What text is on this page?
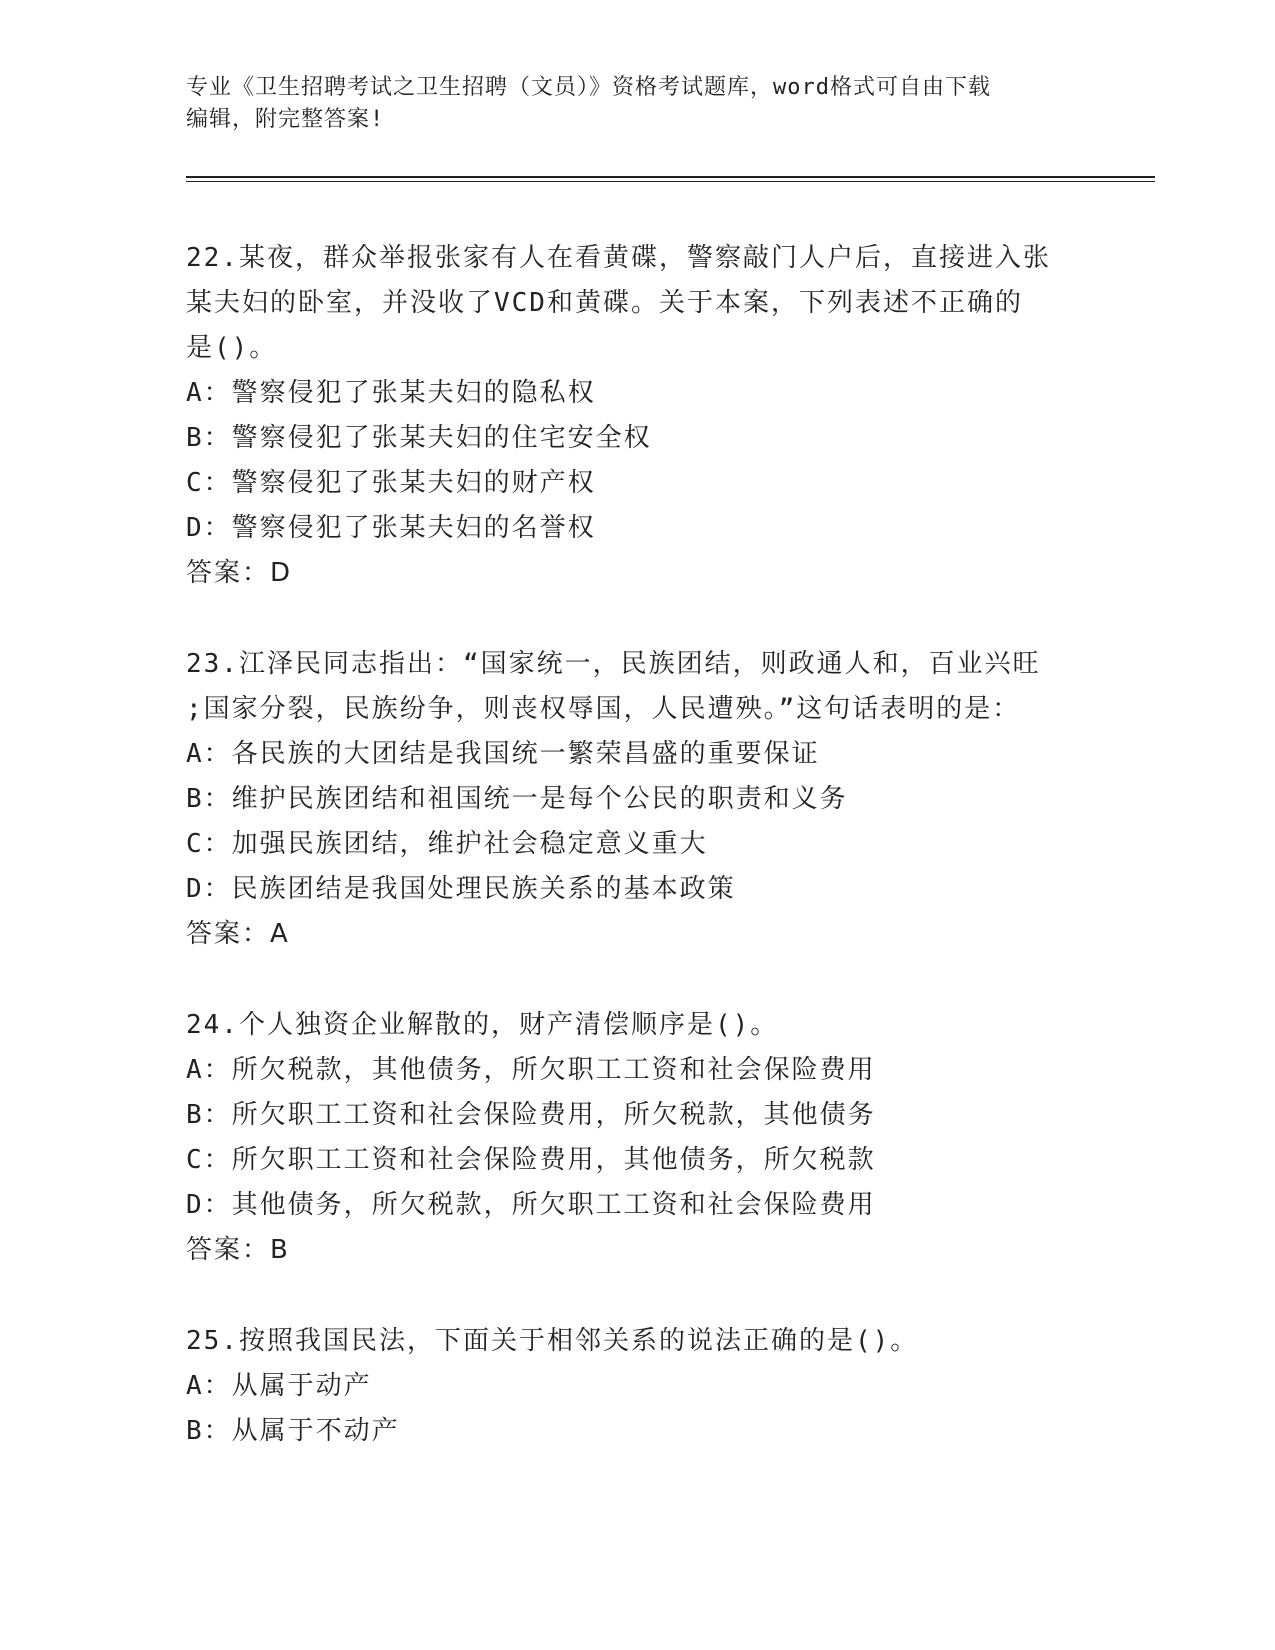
专业《卫生招聘考试之卫生招聘（文员）》资格考试题库，word格式可自由下载
编辑，附完整答案!
22.某夜，群众举报张家有人在看黄碟，警察敲门人户后，直接进入张
某夫妇的卧室，并没收了VCD和黄碟。关于本案，下列表述不正确的
是()。
A：警察侵犯了张某夫妇的隐私权
B：警察侵犯了张某夫妇的住宅安全权
C：警察侵犯了张某夫妇的财产权
D：警察侵犯了张某夫妇的名誉权
答案：D
23.江泽民同志指出：“国家统一，民族团结，则政通人和，百业兴旺
;国家分裂，民族纷争，则丧权辱国，人民遭殃。”这句话表明的是：
A：各民族的大团结是我国统一繁荣昌盛的重要保证
B：维护民族团结和祖国统一是每个公民的职责和义务
C：加强民族团结，维护社会稳定意义重大
D：民族团结是我国处理民族关系的基本政策
答案：A
24.个人独资企业解散的，财产清偿顺序是()。
A：所欠税款，其他债务，所欠职工工资和社会保险费用
B：所欠职工工资和社会保险费用，所欠税款，其他债务
C：所欠职工工资和社会保险费用，其他债务，所欠税款
D：其他债务，所欠税款，所欠职工工资和社会保险费用
答案：B
25.按照我国民法，下面关于相邻关系的说法正确的是()。
A：从属于动产
B：从属于不动产
